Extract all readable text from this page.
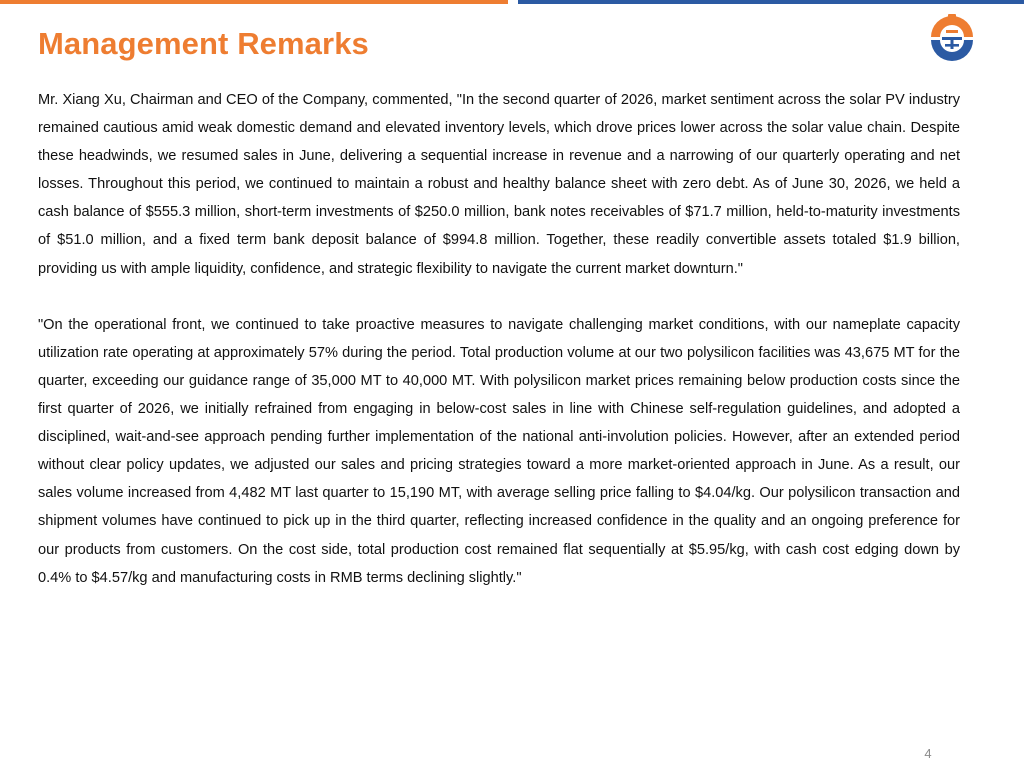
Management Remarks

Mr. Xiang Xu, Chairman and CEO of the Company, commented, "In the second quarter of 2026, market sentiment across the solar PV industry remained cautious amid weak domestic demand and elevated inventory levels, which drove prices lower across the solar value chain. Despite these headwinds, we resumed sales in June, delivering a sequential increase in revenue and a narrowing of our quarterly operating and net losses. Throughout this period, we continued to maintain a robust and healthy balance sheet with zero debt. As of June 30, 2026, we held a cash balance of $555.3 million, short-term investments of $250.0 million, bank notes receivables of $71.7 million, held-to-maturity investments of $51.0 million, and a fixed term bank deposit balance of $994.8 million. Together, these readily convertible assets totaled $1.9 billion, providing us with ample liquidity, confidence, and strategic flexibility to navigate the current market downturn."

"On the operational front, we continued to take proactive measures to navigate challenging market conditions, with our nameplate capacity utilization rate operating at approximately 57% during the period. Total production volume at our two polysilicon facilities was 43,675 MT for the quarter, exceeding our guidance range of 35,000 MT to 40,000 MT. With polysilicon market prices remaining below production costs since the first quarter of 2026, we initially refrained from engaging in below-cost sales in line with Chinese self-regulation guidelines, and adopted a disciplined, wait-and-see approach pending further implementation of the national anti-involution policies. However, after an extended period without clear policy updates, we adjusted our sales and pricing strategies toward a more market-oriented approach in June. As a result, our sales volume increased from 4,482 MT last quarter to 15,190 MT, with average selling price falling to $4.04/kg. Our polysilicon transaction and shipment volumes have continued to pick up in the third quarter, reflecting increased confidence in the quality and an ongoing preference for our products from customers. On the cost side, total production cost remained flat sequentially at $5.95/kg, with cash cost edging down by 0.4% to $4.57/kg and manufacturing costs in RMB terms declining slightly."

4
